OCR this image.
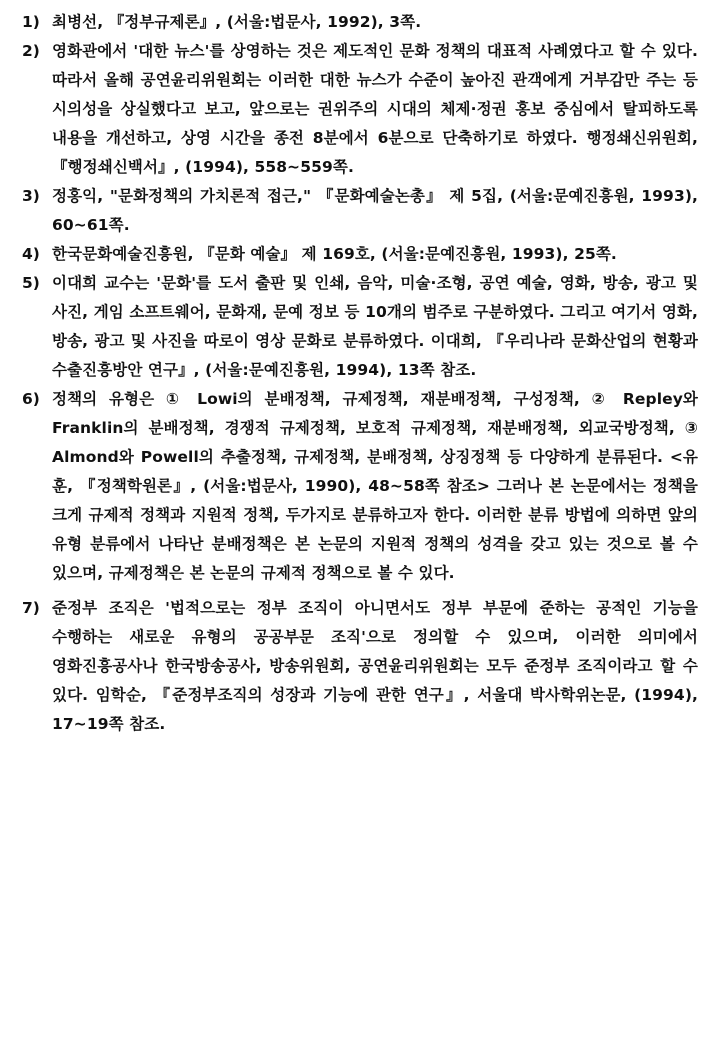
1) 최병선, 『정부규제론』, (서울:법문사, 1992), 3쪽.
2) 영화관에서 '대한 뉴스'를 상영하는 것은 제도적인 문화 정책의 대표적 사례였다고 할 수 있다. 따라서 올해 공연윤리위원회는 이러한 대한 뉴스가 수준이 높아진 관객에게 거부감만 주는 등 시의성을 상실했다고 보고, 앞으로는 권위주의 시대의 체제·정권 홍보 중심에서 탈피하도록 내용을 개선하고, 상영 시간을 종전 8분에서 6분으로 단축하기로 하였다. 행정쇄신위원회, 『행정쇄신백서』, (1994), 558∼559쪽.
3) 정홍익, "문화정책의 가치론적 접근," 『문화예술논총』 제 5집, (서울:문예진흥원, 1993), 60∼61쪽.
4) 한국문화예술진흥원, 『문화 예술』 제 169호, (서울:문예진흥원, 1993), 25쪽.
5) 이대희 교수는 '문화'를 도서 출판 및 인쇄, 음악, 미술·조형, 공연 예술, 영화, 방송, 광고 및 사진, 게임 소프트웨어, 문화재, 문예 정보 등 10개의 범주로 구분하였다. 그리고 여기서 영화, 방송, 광고 및 사진을 따로이 영상 문화로 분류하였다. 이대희, 『우리나라 문화산업의 현황과 수출진흥방안 연구』, (서울:문예진흥원, 1994), 13쪽 참조.
6) 정책의 유형은 ① Lowi의 분배정책, 규제정책, 재분배정책, 구성정책, ② Repley와 Franklin의 분배정책, 경쟁적 규제정책, 보호적 규제정책, 재분배정책, 외교국방정책, ③ Almond와 Powell의 추출정책, 규제정책, 분배정책, 상징정책 등 다양하게 분류된다. <유 훈, 『정책학원론』, (서울:법문사, 1990), 48∼58쪽 참조> 그러나 본 논문에서는 정책을 크게 규제적 정책과 지원적 정책, 두가지로 분류하고자 한다. 이러한 분류 방법에 의하면 앞의 유형 분류에서 나타난 분배정책은 본 논문의 지원적 정책의 성격을 갖고 있는 것으로 볼 수 있으며, 규제정책은 본 논문의 규제적 정책으로 볼 수 있다.
7) 준정부 조직은 '법적으로는 정부 조직이 아니면서도 정부 부문에 준하는 공적인 기능을 수행하는 새로운 유형의 공공부문 조직'으로 정의할 수 있으며, 이러한 의미에서 영화진흥공사나 한국방송공사, 방송위원회, 공연윤리위원회는 모두 준정부 조직이라고 할 수 있다. 임학순, 『준정부조직의 성장과 기능에 관한 연구』, 서울대 박사학위논문, (1994), 17∼19쪽 참조.
